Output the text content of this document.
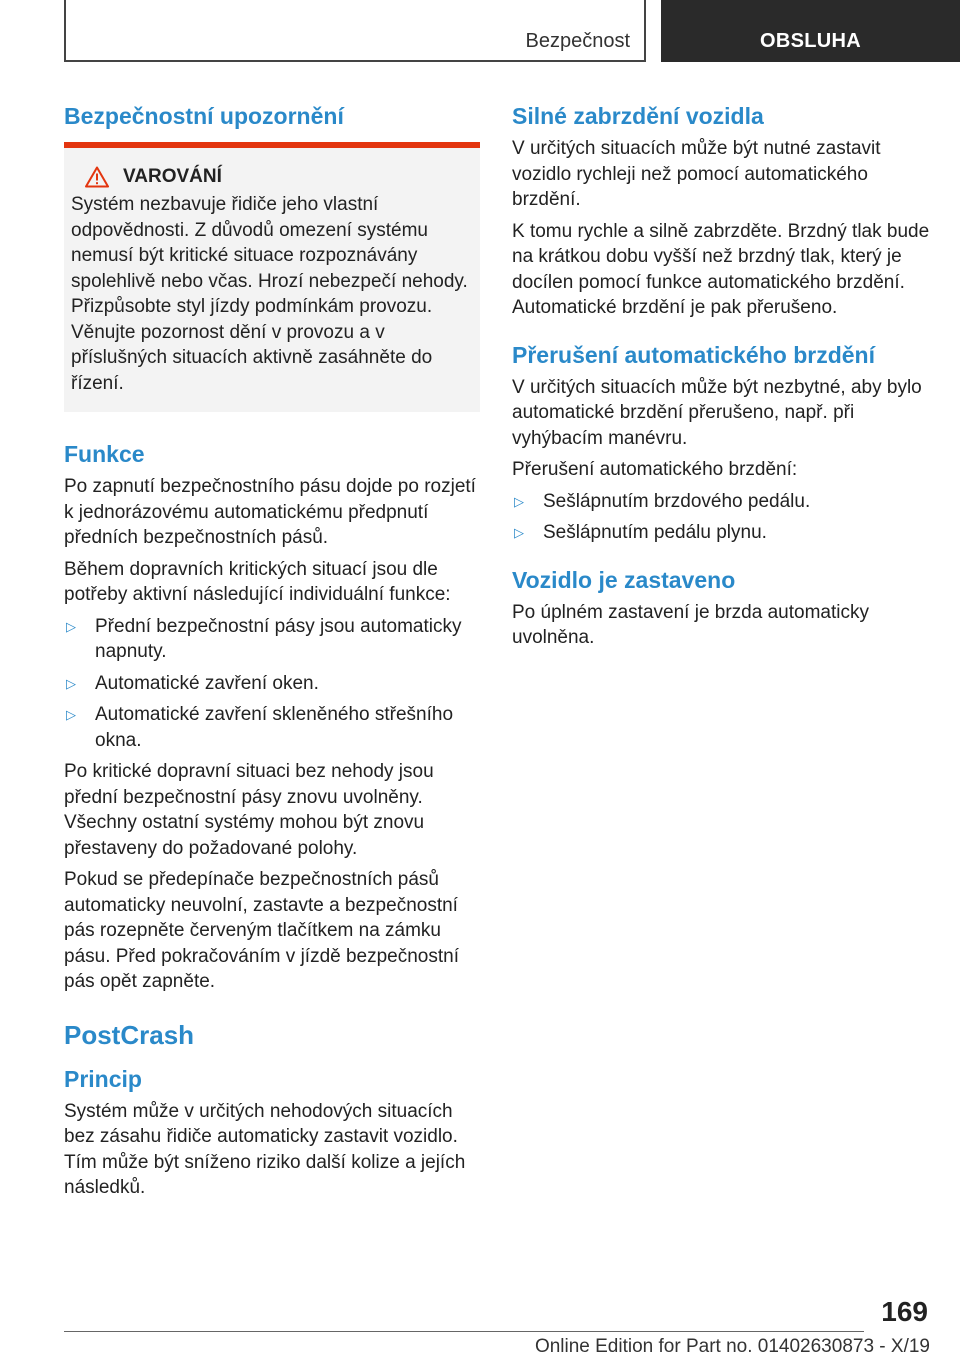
Bezpečnost	OBSLUHA
Bezpečnostní upozornění
VAROVÁNÍ

Systém nezbavuje řidiče jeho vlastní odpovědnosti. Z důvodů omezení systému nemusí být kritické situace rozpoznávány spolehlivě nebo včas. Hrozí nebezpečí nehody. Přizpůsobte styl jízdy podmínkám provozu. Věnujte pozornost dění v provozu a v příslušných situacích aktivně zasáhněte do řízení.

Funkce

Po zapnutí bezpečnostního pásu dojde po rozjetí k jednorázovému automatickému předpnutí předních bezpečnostních pásů.

Během dopravních kritických situací jsou dle potřeby aktivní následující individuální funkce:

▷	Přední bezpečnostní pásy jsou automaticky napnuty.
▷	Automatické zavření oken.
▷	Automatické zavření skleněného střešního okna.

Po kritické dopravní situaci bez nehody jsou přední bezpečnostní pásy znovu uvolněny. Všechny ostatní systémy mohou být znovu přestaveny do požadované polohy.

Pokud se předepínače bezpečnostních pásů automaticky neuvolní, zastavte a bezpečnostní pás rozepněte červeným tlačítkem na zámku pásu. Před pokračováním v jízdě bezpečnostní pás opět zapněte.

PostCrash
Princip

Systém může v určitých nehodových situacích bez zásahu řidiče automaticky zastavit vozidlo. Tím může být sníženo riziko další kolize a jejích následků.

Silné zabrzdění vozidla

V určitých situacích může být nutné zastavit vozidlo rychleji než pomocí automatického brzdění.

K tomu rychle a silně zabrzděte. Brzdný tlak bude na krátkou dobu vyšší než brzdný tlak, který je docílen pomocí funkce automatického brzdění. Automatické brzdění je pak přerušeno.

Přerušení automatického brzdění

V určitých situacích může být nezbytné, aby bylo automatické brzdění přerušeno, např. při vyhýbacím manévru.

Přerušení automatického brzdění:

▷	Sešlápnutím brzdového pedálu.
▷	Sešlápnutím pedálu plynu.
Vozidlo je zastaveno

Po úplném zastavení je brzda automaticky uvolněna.

169
Online Edition for Part no. 01402630873 - X/19
